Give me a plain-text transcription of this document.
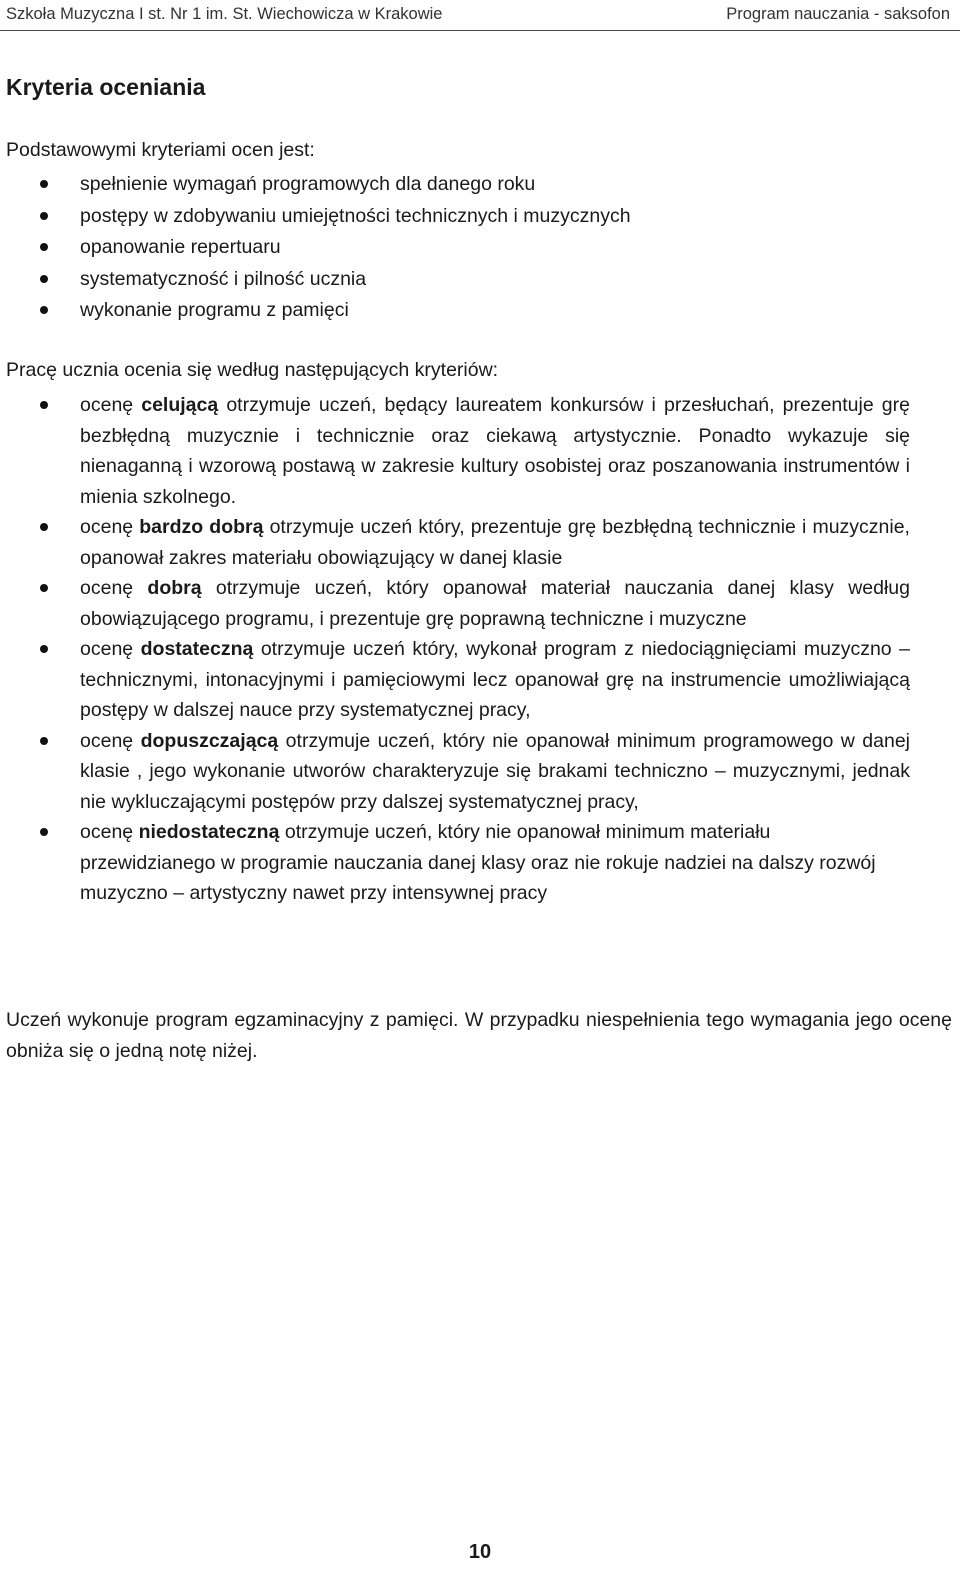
Szkoła Muzyczna I st. Nr 1 im. St. Wiechowicza w Krakowie	Program nauczania - saksofon
Kryteria oceniania
Podstawowymi kryteriami ocen jest:
spełnienie wymagań programowych dla danego roku
postępy w zdobywaniu umiejętności technicznych i muzycznych
opanowanie repertuaru
systematyczność i pilność ucznia
wykonanie programu z pamięci
Pracę ucznia ocenia się według następujących kryteriów:
ocenę celującą otrzymuje uczeń, będący laureatem konkursów i przesłuchań, prezentuje grę bezbłędną muzycznie i technicznie oraz ciekawą artystycznie. Ponadto wykazuje się nienaganną i wzorową postawą w zakresie kultury osobistej oraz poszanowania instrumentów i mienia szkolnego.
ocenę bardzo dobrą otrzymuje uczeń który, prezentuje grę bezbłędną technicznie i muzycznie, opanował zakres materiału obowiązujący w danej klasie
ocenę dobrą otrzymuje uczeń, który opanował materiał nauczania danej klasy według obowiązującego programu, i prezentuje grę poprawną techniczne i muzyczne
ocenę dostateczną otrzymuje uczeń który, wykonał program z niedociągnięciami muzyczno – technicznymi, intonacyjnymi i pamięciowymi lecz opanował grę na instrumencie umożliwiającą postępy w dalszej nauce przy systematycznej pracy,
ocenę dopuszczającą otrzymuje uczeń, który nie opanował minimum programowego w danej klasie , jego wykonanie utworów charakteryzuje się brakami techniczno – muzycznymi, jednak nie wykluczającymi postępów przy dalszej systematycznej pracy,
ocenę niedostateczną otrzymuje uczeń, który nie opanował minimum materiału przewidzianego w programie nauczania danej klasy oraz nie rokuje nadziei na dalszy rozwój muzyczno – artystyczny nawet przy intensywnej pracy
Uczeń wykonuje program egzaminacyjny z pamięci. W przypadku niespełnienia tego wymagania jego ocenę obniża się o jedną notę niżej.
10
